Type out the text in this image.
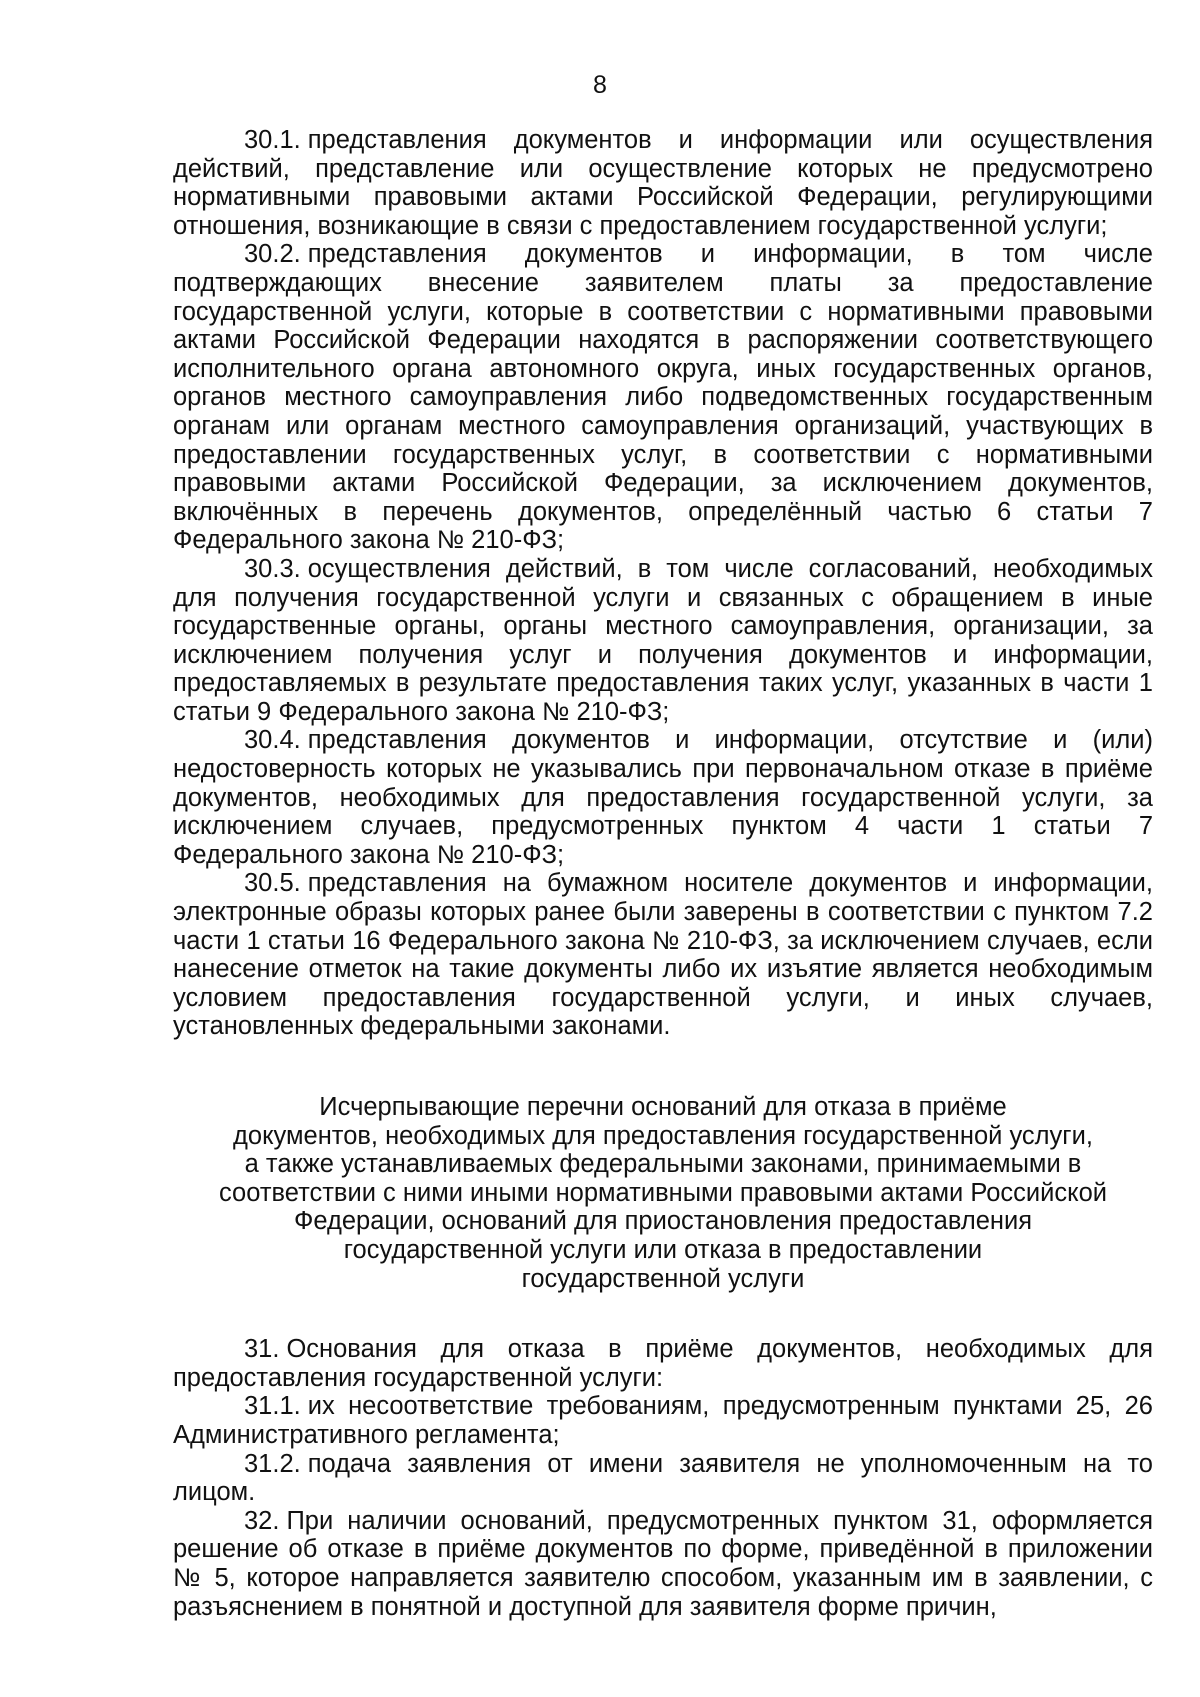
8

30.1. представления документов и информации или осуществления действий, представление или осуществление которых не предусмотрено нормативными правовыми актами Российской Федерации, регулирующими отношения, возникающие в связи с предоставлением государственной услуги;

30.2. представления документов и информации, в том числе подтверждающих внесение заявителем платы за предоставление государственной услуги, которые в соответствии с нормативными правовыми актами Российской Федерации находятся в распоряжении соответствующего исполнительного органа автономного округа, иных государственных органов, органов местного самоуправления либо подведомственных государственным органам или органам местного самоуправления организаций, участвующих в предоставлении государственных услуг, в соответствии с нормативными правовыми актами Российской Федерации, за исключением документов, включённых в перечень документов, определённый частью 6 статьи 7 Федерального закона № 210-ФЗ;

30.3. осуществления действий, в том числе согласований, необходимых для получения государственной услуги и связанных с обращением в иные государственные органы, органы местного самоуправления, организации, за исключением получения услуг и получения документов и информации, предоставляемых в результате предоставления таких услуг, указанных в части 1 статьи 9 Федерального закона № 210-ФЗ;

30.4. представления документов и информации, отсутствие и (или) недостоверность которых не указывались при первоначальном отказе в приёме документов, необходимых для предоставления государственной услуги, за исключением случаев, предусмотренных пунктом 4 части 1 статьи 7 Федерального закона № 210-ФЗ;

30.5. представления на бумажном носителе документов и информации, электронные образы которых ранее были заверены в соответствии с пунктом 7.2 части 1 статьи 16 Федерального закона № 210-ФЗ, за исключением случаев, если нанесение отметок на такие документы либо их изъятие является необходимым условием предоставления государственной услуги, и иных случаев, установленных федеральными законами.

Исчерпывающие перечни оснований для отказа в приёме
документов, необходимых для предоставления государственной услуги,
а также устанавливаемых федеральными законами, принимаемыми в
соответствии с ними иными нормативными правовыми актами Российской
Федерации, оснований для приостановления предоставления
государственной услуги или отказа в предоставлении
государственной услуги

31. Основания для отказа в приёме документов, необходимых для предоставления государственной услуги:

31.1. их несоответствие требованиям, предусмотренным пунктами 25, 26 Административного регламента;

31.2. подача заявления от имени заявителя не уполномоченным на то лицом.

32. При наличии оснований, предусмотренных пунктом 31, оформляется решение об отказе в приёме документов по форме, приведённой в приложении № 5, которое направляется заявителю способом, указанным им в заявлении, с разъяснением в понятной и доступной для заявителя форме причин,
